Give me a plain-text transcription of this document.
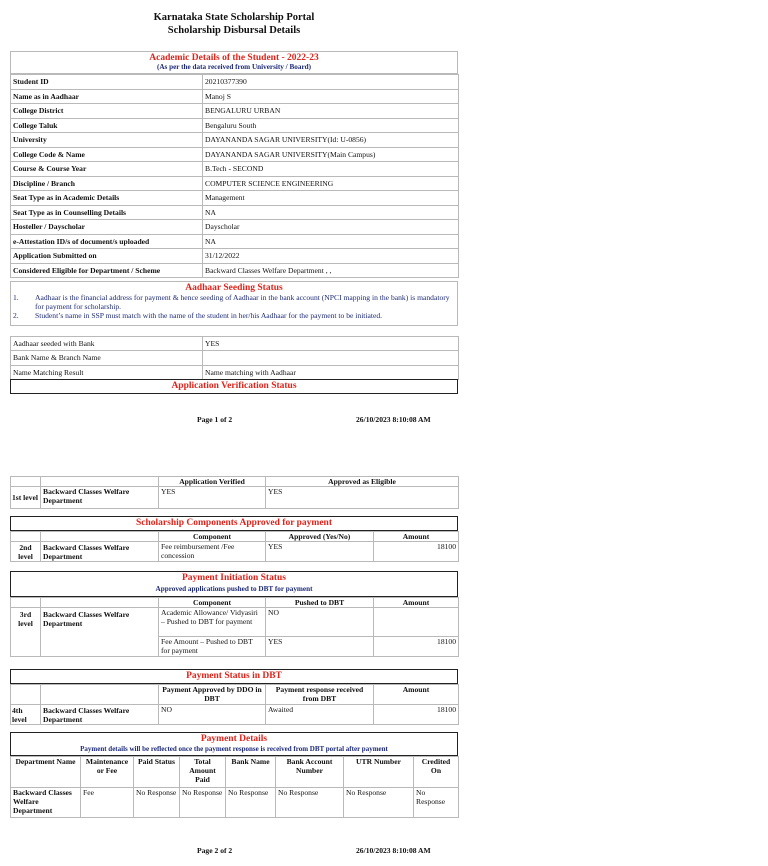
Karnataka State Scholarship Portal
Scholarship Disbursal Details
Academic Details of the Student - 2022-23
(As per the data received from University / Board)
Student ID	20210377390
Name as in Aadhaar	Manoj S
College District	BENGALURU URBAN
College Taluk	Bengaluru South
University	DAYANANDA SAGAR UNIVERSITY(Id: U-0856)
College Code & Name	DAYANANDA SAGAR UNIVERSITY(Main Campus)
Course & Course Year	B.Tech - SECOND
Discipline / Branch	COMPUTER SCIENCE ENGINEERING
Seat Type as in Academic Details	Management
Seat Type as in Counselling Details	NA
Hosteller / Dayscholar	Dayscholar
e-Attestation ID/s of document/s uploaded	NA
Application Submitted on	31/12/2022
Considered Eligible for Department / Scheme	Backward Classes Welfare Department , ,
Aadhaar Seeding Status
1.	Aadhaar is the financial address for payment & hence seeding of Aadhaar in the bank account (NPCI mapping in the bank) is mandatory for payment for scholarship.
2.	Student’s name in SSP must match with the name of the student in her/his Aadhaar for the payment to be initiated.
Aadhaar seeded with Bank	YES
Bank Name & Branch Name	
Name Matching Result	Name matching with Aadhaar
Application Verification Status
Page 1 of 2	26/10/2023 8:10:08 AM
		Application Verified	Approved as Eligible
1st level	Backward Classes Welfare Department	YES	YES
Scholarship Components Approved for payment
		Component	Approved (Yes/No)	Amount
2nd level	Backward Classes Welfare Department	Fee reimbursement /Fee concession	YES	18100
Payment Initiation Status
Approved applications pushed to DBT for payment
		Component	Pushed to DBT	Amount
3rd level	Backward Classes Welfare Department	Academic Allowance/ Vidyasiri – Pushed to DBT for payment	NO	
		Fee Amount – Pushed to DBT for payment	YES	18100
Payment Status in DBT
		Payment Approved by DDO in DBT	Payment response received from DBT	Amount
4th level	Backward Classes Welfare Department	NO	Awaited	18100
Payment Details
Payment details will be reflected once the payment response is received from DBT portal after payment
Department Name	Maintenance or Fee	Paid Status	Total Amount Paid	Bank Name	Bank Account Number	UTR Number	Credited On
Backward Classes Welfare Department	Fee	No Response	No Response	No Response	No Response	No Response	No Response
Page 2 of 2	26/10/2023 8:10:08 AM
